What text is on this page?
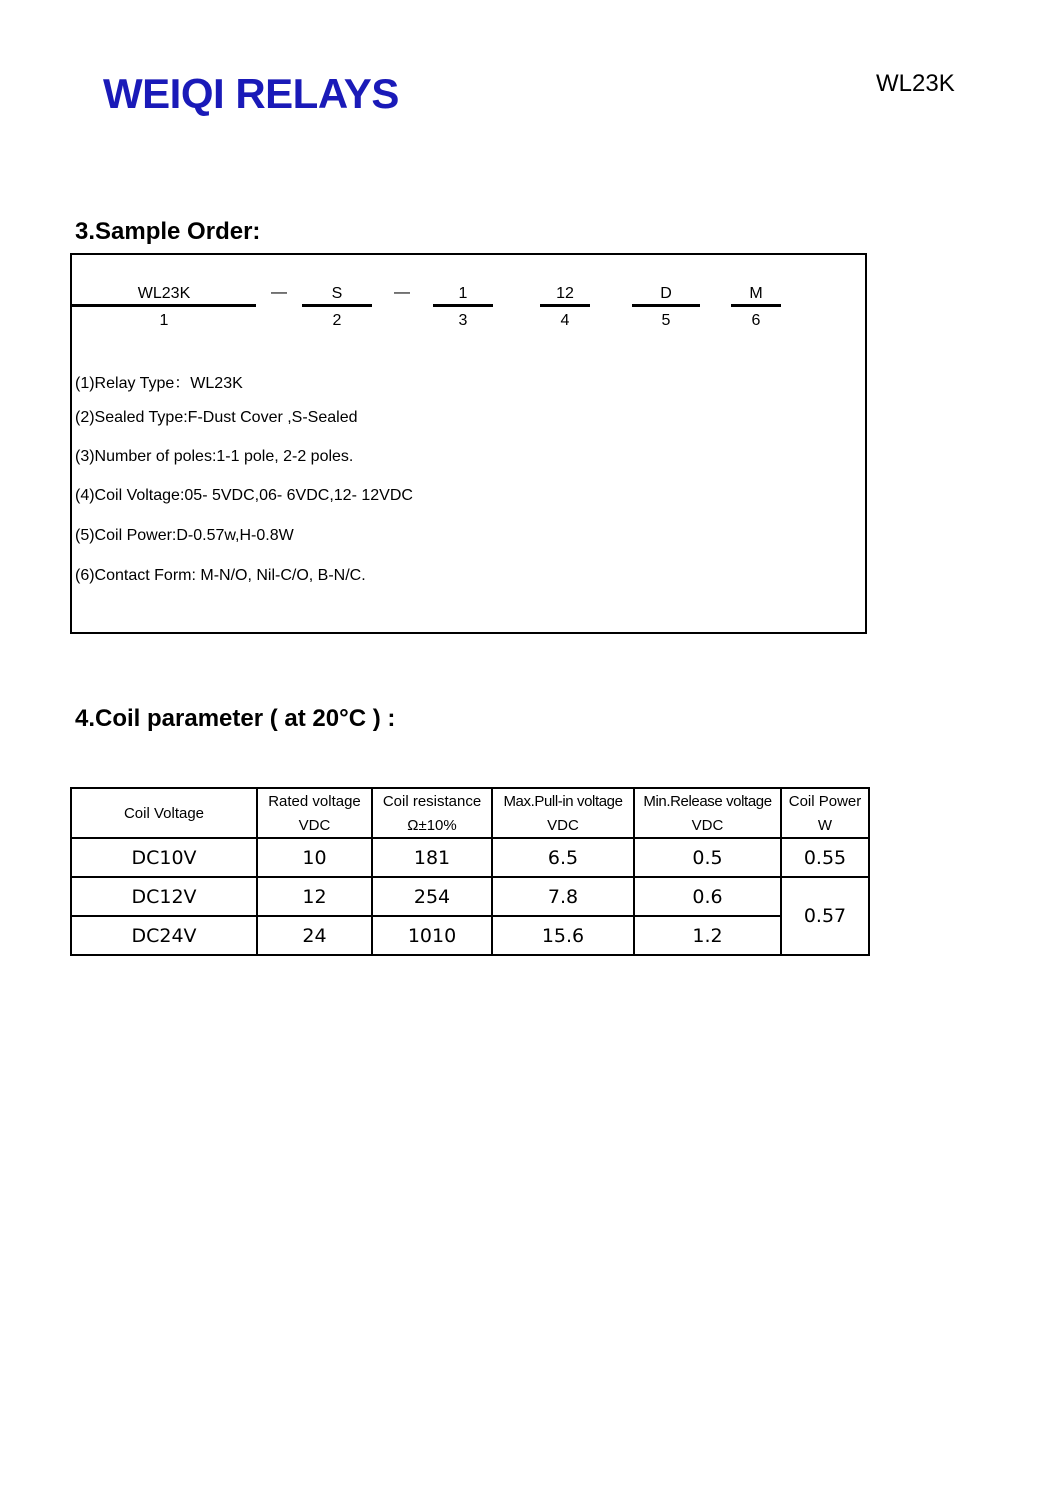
WEIQI RELAYS	WL23K
3.Sample Order:
WL23K	—	S	—	1	12	D	M
1	2	3	4	5	6
(1)Relay Type：WL23K
(2)Sealed Type:F-Dust Cover ,S-Sealed
(3)Number of poles:1-1 pole, 2-2 poles.
(4)Coil Voltage:05- 5VDC,06- 6VDC,12- 12VDC
(5)Coil Power:D-0.57w,H-0.8W
(6)Contact Form: M-N/O, Nil-C/O, B-N/C.
4.Coil parameter ( at 20°C ) :
Coil Voltage	Rated voltage	Coil resistance	Max.Pull-in voltage	Min.Release voltage	Coil Power
	VDC	Ω±10%	VDC	VDC	W
DC10V	10	181	6.5	0.5	0.55
DC12V	12	254	7.8	0.6	0.57
DC24V	24	1010	15.6	1.2	
